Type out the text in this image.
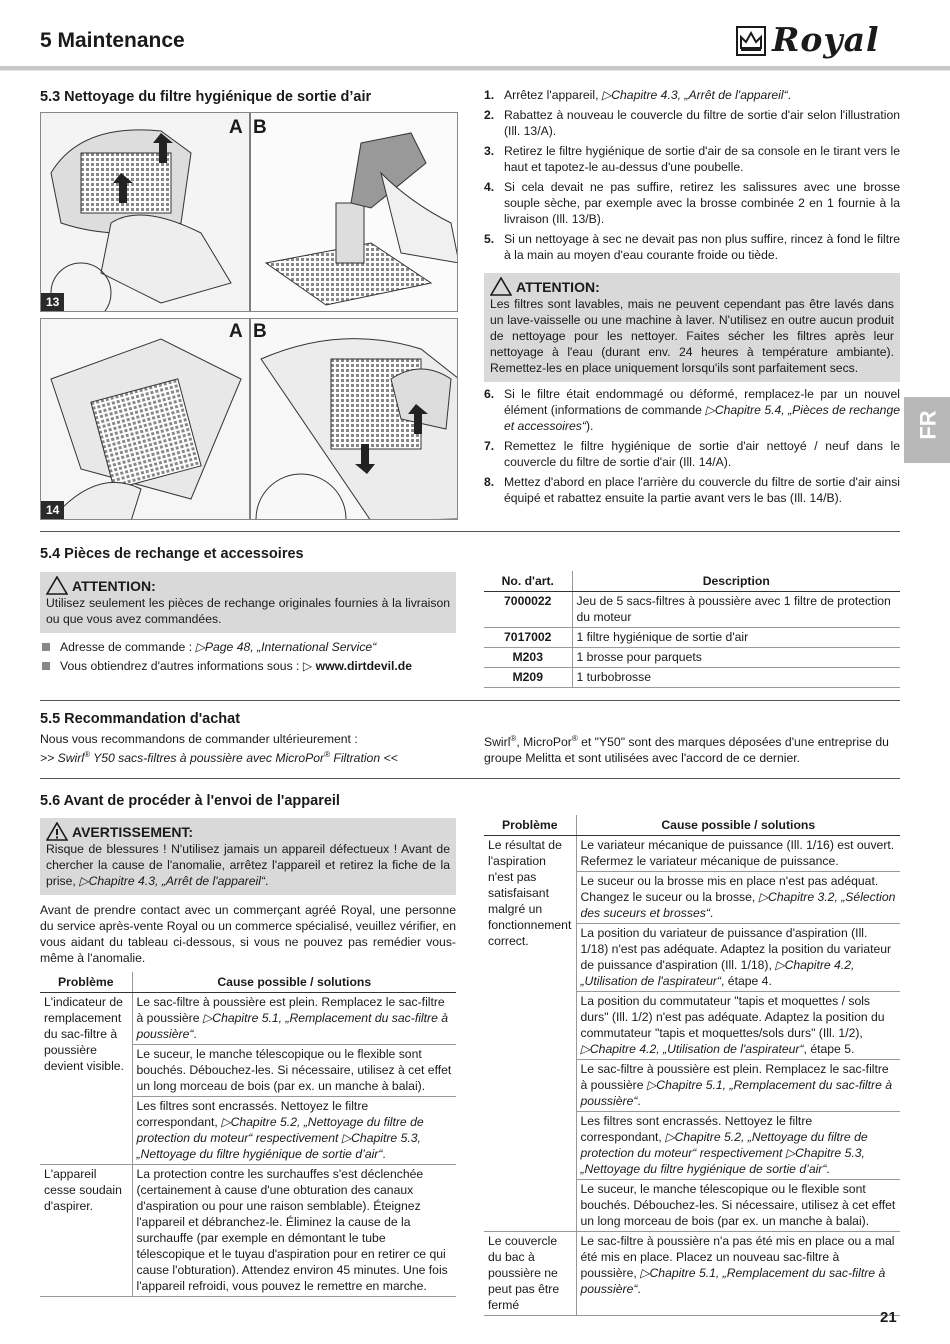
5 Maintenance	Royal
5.3 Nettoyage du filtre hygiénique de sortie d’air
A B
13
A B
14
1. Arrêtez l'appareil, ▷Chapitre 4.3, „Arrêt de l'appareil“.
2. Rabattez à nouveau le couvercle du filtre de sortie d'air selon l'illustration (Ill. 13/A).
3. Retirez le filtre hygiénique de sortie d'air de sa console en le tirant vers le haut et tapotez-le au-dessus d'une poubelle.
4. Si cela devait ne pas suffire, retirez les salissures avec une brosse souple sèche, par exemple avec la brosse combinée 2 en 1 fournie à la livraison (Ill. 13/B).
5. Si un nettoyage à sec ne devait pas non plus suffire, rincez à fond le filtre à la main au moyen d'eau courante froide ou tiède.
ATTENTION:
Les filtres sont lavables, mais ne peuvent cependant pas être lavés dans un lave-vaisselle ou une machine à laver. N'utilisez en outre aucun produit de nettoyage pour les nettoyer. Faites sécher les filtres après leur nettoyage à l'eau (durant env. 24 heures à température ambiante). Remettez-les en place uniquement lorsqu'ils sont parfaitement secs.
6. Si le filtre était endommagé ou déformé, remplacez-le par un nouvel élément (informations de commande ▷Chapitre 5.4, „Pièces de rechange et accessoires“).
7. Remettez le filtre hygiénique de sortie d'air nettoyé / neuf dans le couvercle du filtre de sortie d'air (Ill. 14/A).
8. Mettez d'abord en place l'arrière du couvercle du filtre de sortie d'air ainsi équipé et rabattez ensuite la partie avant vers le bas (Ill. 14/B).
FR
5.4 Pièces de rechange et accessoires
ATTENTION:
Utilisez seulement les pièces de rechange originales fournies à la livraison ou que vous avez commandées.
Adresse de commande : ▷Page 48, „International Service“
Vous obtiendrez d'autres informations sous : ▷ www.dirtdevil.de
No. d'art.	Description
7000022	Jeu de 5 sacs-filtres à poussière avec 1 filtre de protection du moteur
7017002	1 filtre hygiénique de sortie d'air
M203	1 brosse pour parquets
M209	1 turbobrosse
5.5 Recommandation d'achat
Nous vous recommandons de commander ultérieurement :
>> Swirl® Y50 sacs-filtres à poussière avec MicroPor® Filtration <<
Swirl®, MicroPor® et "Y50" sont des marques déposées d'une entreprise du groupe Melitta et sont utilisées avec l'accord de ce dernier.
5.6 Avant de procéder à l'envoi de l'appareil
AVERTISSEMENT:
Risque de blessures ! N'utilisez jamais un appareil défectueux ! Avant de chercher la cause de l'anomalie, arrêtez l'appareil et retirez la fiche de la prise, ▷Chapitre 4.3, „Arrêt de l'appareil“.
Avant de prendre contact avec un commerçant agréé Royal, une personne du service après-vente Royal ou un commerce spécialisé, veuillez vérifier, en vous aidant du tableau ci-dessous, si vous ne pouvez pas remédier vous-même à l'anomalie.
Problème	Cause possible / solutions
L'indicateur de remplacement du sac-filtre à poussière devient visible.	Le sac-filtre à poussière est plein. Remplacez le sac-filtre à poussière ▷Chapitre 5.1, „Remplacement du sac-filtre à poussière“.
	Le suceur, le manche télescopique ou le flexible sont bouchés. Débouchez-les. Si nécessaire, utilisez à cet effet un long morceau de bois (par ex. un manche à balai).
	Les filtres sont encrassés. Nettoyez le filtre correspondant, ▷Chapitre 5.2, „Nettoyage du filtre de protection du moteur“ respectivement ▷Chapitre 5.3, „Nettoyage du filtre hygiénique de sortie d’air“.
L'appareil cesse soudain d'aspirer.	La protection contre les surchauffes s'est déclenchée (certainement à cause d'une obturation des canaux d'aspiration ou pour une raison semblable). Éteignez l'appareil et débranchez-le. Éliminez la cause de la surchauffe (par exemple en démontant le tube télescopique et le tuyau d'aspiration pour en retirer ce qui cause l'obturation). Attendez environ 45 minutes. Une fois l'appareil refroidi, vous pouvez le remettre en marche.
Problème	Cause possible / solutions
Le résultat de l'aspiration n'est pas satisfaisant malgré un fonctionnement correct.	Le variateur mécanique de puissance (Ill. 1/16) est ouvert. Refermez le variateur mécanique de puissance.
	Le suceur ou la brosse mis en place n'est pas adéquat. Changez le suceur ou la brosse, ▷Chapitre 3.2, „Sélection des suceurs et brosses“.
	La position du variateur de puissance d'aspiration (Ill. 1/18) n'est pas adéquate. Adaptez la position du variateur de puissance d'aspiration (Ill. 1/18), ▷Chapitre 4.2, „Utilisation de l'aspirateur“, étape 4.
	La position du commutateur "tapis et moquettes / sols durs" (Ill. 1/2) n'est pas adéquate. Adaptez la position du commutateur "tapis et moquettes/sols durs" (Ill. 1/2), ▷Chapitre 4.2, „Utilisation de l'aspirateur“, étape 5.
	Le sac-filtre à poussière est plein. Remplacez le sac-filtre à poussière ▷Chapitre 5.1, „Remplacement du sac-filtre à poussière“.
	Les filtres sont encrassés. Nettoyez le filtre correspondant, ▷Chapitre 5.2, „Nettoyage du filtre de protection du moteur“ respectivement ▷Chapitre 5.3, „Nettoyage du filtre hygiénique de sortie d’air“.
	Le suceur, le manche télescopique ou le flexible sont bouchés. Débouchez-les. Si nécessaire, utilisez à cet effet un long morceau de bois (par ex. un manche à balai).
Le couvercle du bac à poussière ne peut pas être fermé	Le sac-filtre à poussière n'a pas été mis en place ou a mal été mis en place. Placez un nouveau sac-filtre à poussière, ▷Chapitre 5.1, „Remplacement du sac-filtre à poussière“.
21
